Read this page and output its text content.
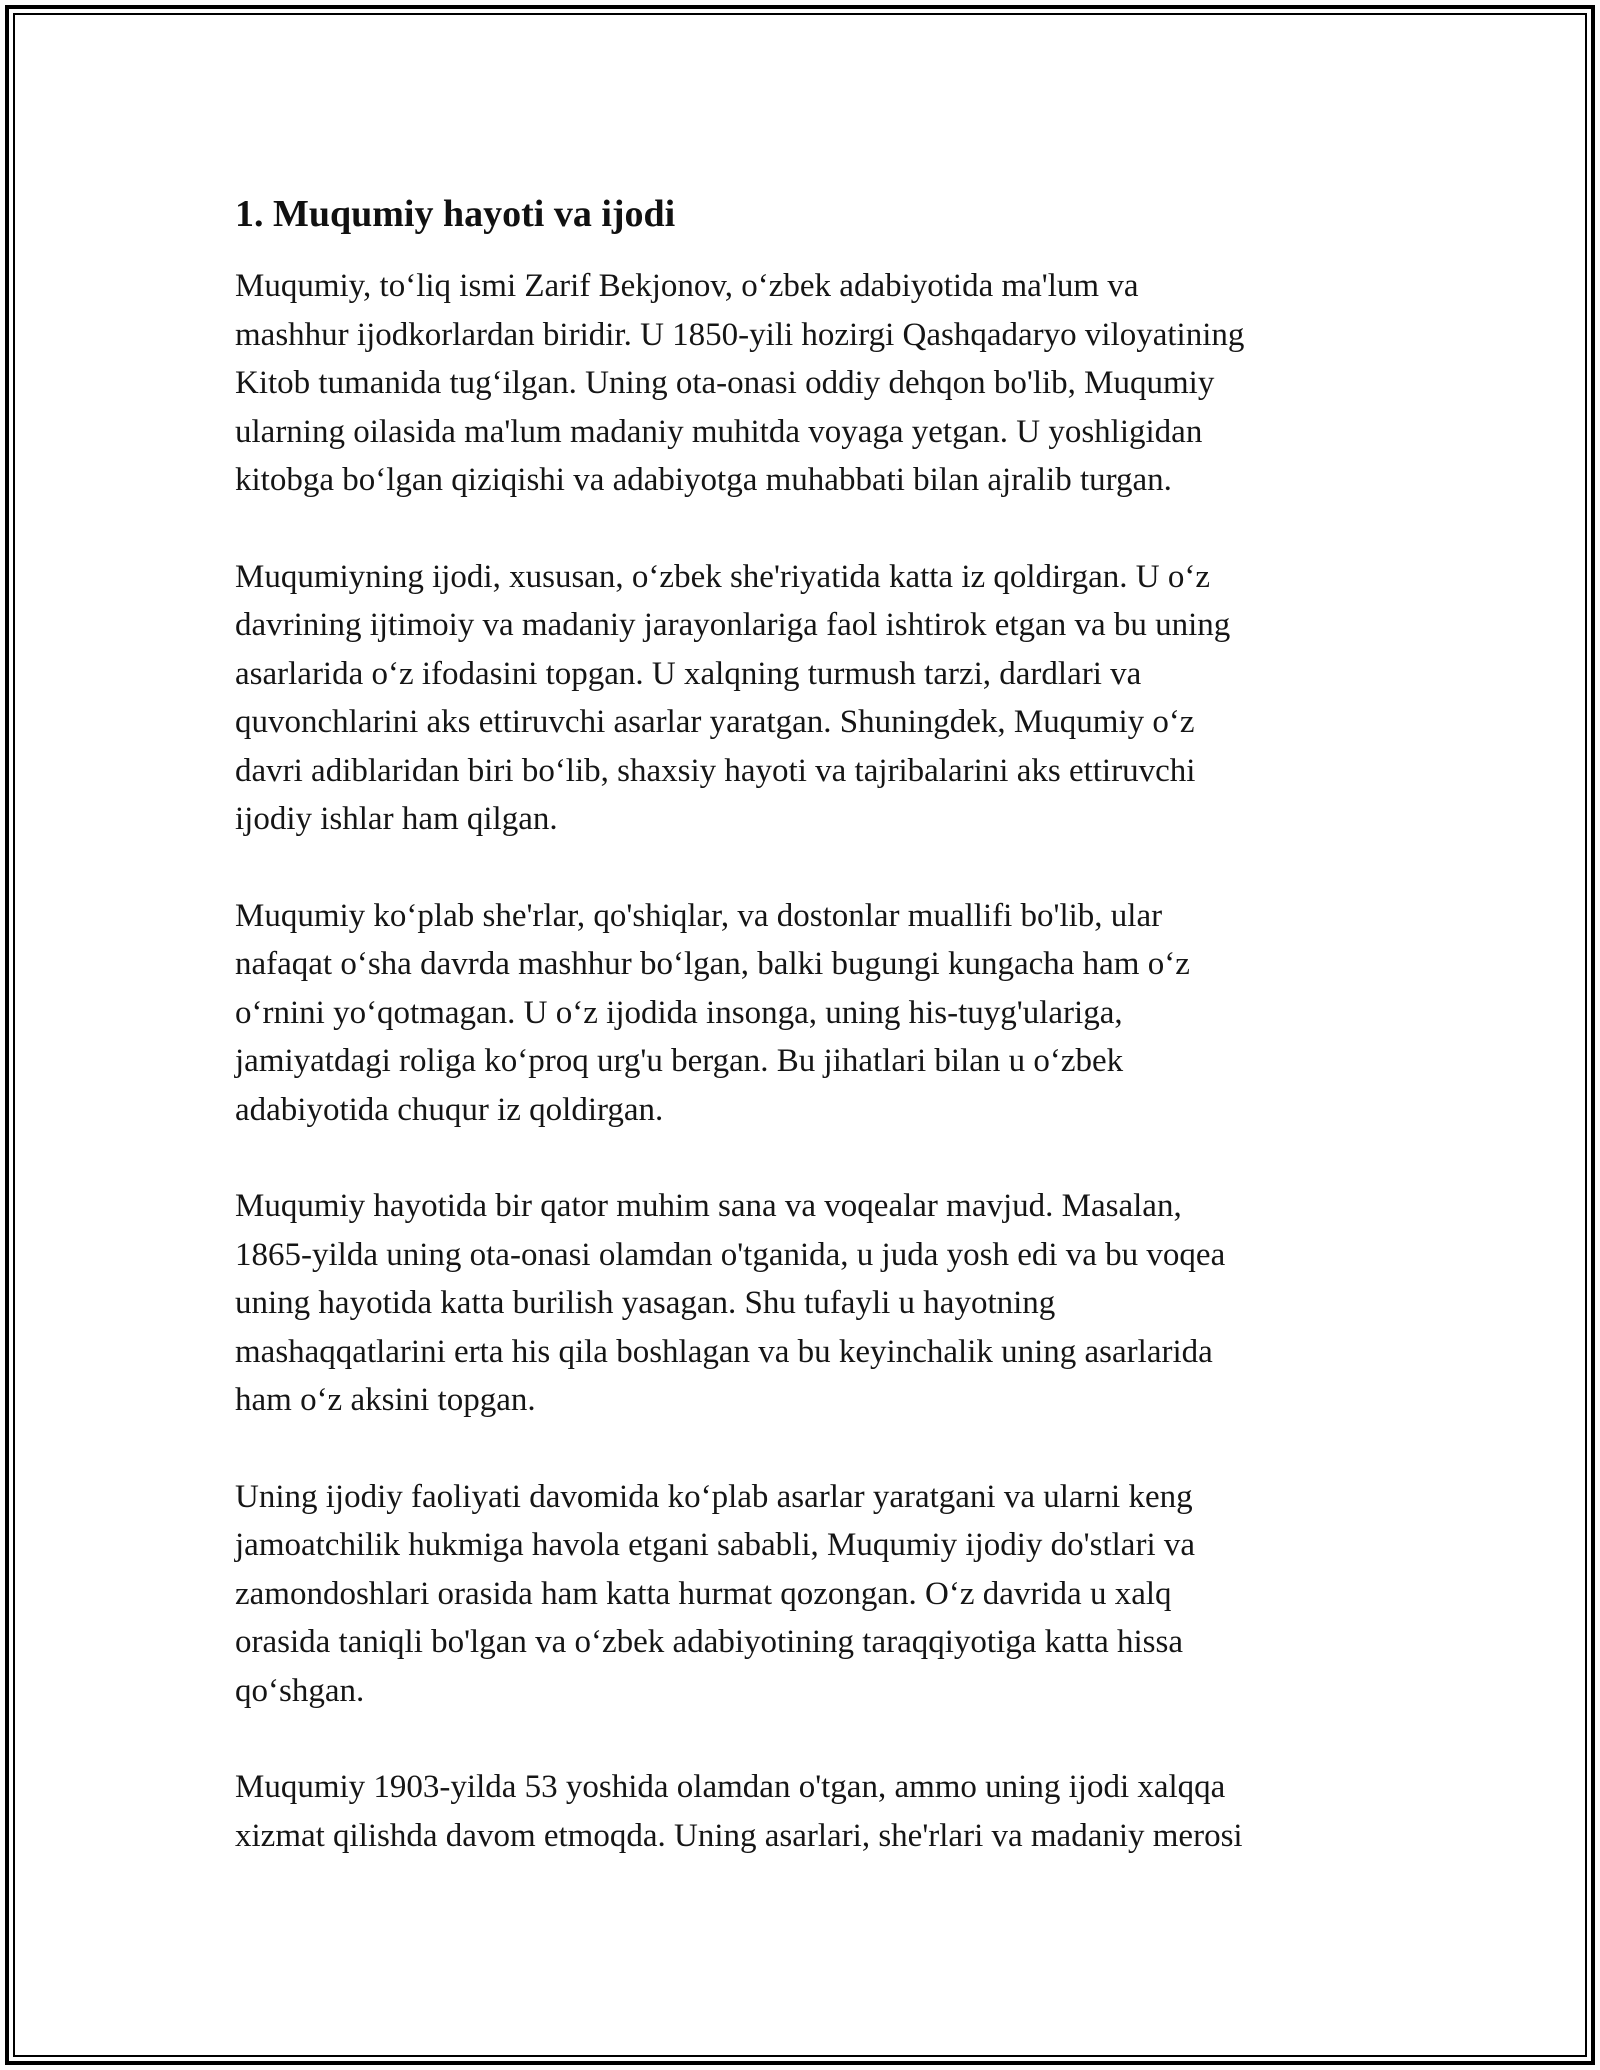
1. Muqumiy hayoti va ijodi

Muqumiy, to‘liq ismi Zarif Bekjonov, o‘zbek adabiyotida ma'lum va
mashhur ijodkorlardan biridir. U 1850-yili hozirgi Qashqadaryo viloyatining
Kitob tumanida tug‘ilgan. Uning ota-onasi oddiy dehqon bo'lib, Muqumiy
ularning oilasida ma'lum madaniy muhitda voyaga yetgan. U yoshligidan
kitobga bo‘lgan qiziqishi va adabiyotga muhabbati bilan ajralib turgan.

Muqumiyning ijodi, xususan, o‘zbek she'riyatida katta iz qoldirgan. U o‘z
davrining ijtimoiy va madaniy jarayonlariga faol ishtirok etgan va bu uning
asarlarida o‘z ifodasini topgan. U xalqning turmush tarzi, dardlari va
quvonchlarini aks ettiruvchi asarlar yaratgan. Shuningdek, Muqumiy o‘z
davri adiblaridan biri bo‘lib, shaxsiy hayoti va tajribalarini aks ettiruvchi
ijodiy ishlar ham qilgan.

Muqumiy ko‘plab she'rlar, qo'shiqlar, va dostonlar muallifi bo'lib, ular
nafaqat o‘sha davrda mashhur bo‘lgan, balki bugungi kungacha ham o‘z
o‘rnini yo‘qotmagan. U o‘z ijodida insonga, uning his-tuyg'ulariga,
jamiyatdagi roliga ko‘proq urg'u bergan. Bu jihatlari bilan u o‘zbek
adabiyotida chuqur iz qoldirgan.

Muqumiy hayotida bir qator muhim sana va voqealar mavjud. Masalan,
1865-yilda uning ota-onasi olamdan o'tganida, u juda yosh edi va bu voqea
uning hayotida katta burilish yasagan. Shu tufayli u hayotning
mashaqqatlarini erta his qila boshlagan va bu keyinchalik uning asarlarida
ham o‘z aksini topgan.

Uning ijodiy faoliyati davomida ko‘plab asarlar yaratgani va ularni keng
jamoatchilik hukmiga havola etgani sababli, Muqumiy ijodiy do'stlari va
zamondoshlari orasida ham katta hurmat qozongan. O‘z davrida u xalq
orasida taniqli bo'lgan va o‘zbek adabiyotining taraqqiyotiga katta hissa
qo‘shgan.

Muqumiy 1903-yilda 53 yoshida olamdan o'tgan, ammo uning ijodi xalqqa
xizmat qilishda davom etmoqda. Uning asarlari, she'rlari va madaniy merosi
